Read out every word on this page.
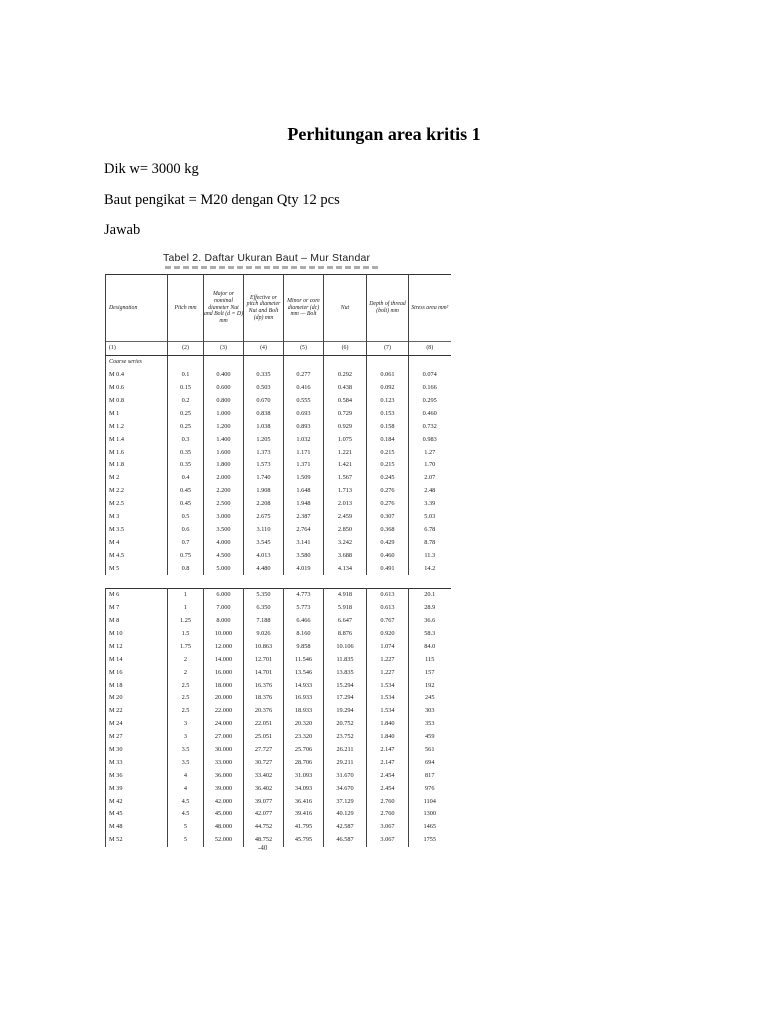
Perhitungan area kritis 1
Dik w= 3000 kg
Baut pengikat = M20 dengan Qty 12 pcs
Jawab
Tabel 2. Daftar Ukuran Baut – Mur Standar
Designation	Pitch mm	Major or nominal diameter Nut and Bolt (d = D) mm	Effective or pitch diameter Nut and Bolt (dp) mm	Minor or core diameter (dc) mm — Bolt	Nut	Depth of thread (bolt) mm	Stress area mm²
(1)	(2)	(3)	(4)	(5)	(6)	(7)	(8)
Coarse series							
M 0.4	0.1	0.400	0.335	0.277	0.292	0.061	0.074
M 0.6	0.15	0.600	0.503	0.416	0.438	0.092	0.166
M 0.8	0.2	0.800	0.670	0.555	0.584	0.123	0.295
M 1	0.25	1.000	0.838	0.693	0.729	0.153	0.460
M 1.2	0.25	1.200	1.038	0.893	0.929	0.158	0.732
M 1.4	0.3	1.400	1.205	1.032	1.075	0.184	0.983
M 1.6	0.35	1.600	1.373	1.171	1.221	0.215	1.27
M 1.8	0.35	1.800	1.573	1.371	1.421	0.215	1.70
M 2	0.4	2.000	1.740	1.509	1.567	0.245	2.07
M 2.2	0.45	2.200	1.908	1.648	1.713	0.276	2.48
M 2.5	0.45	2.500	2.208	1.948	2.013	0.276	3.39
M 3	0.5	3.000	2.675	2.387	2.459	0.307	5.03
M 3.5	0.6	3.500	3.110	2.764	2.850	0.368	6.78
M 4	0.7	4.000	3.545	3.141	3.242	0.429	8.78
M 4.5	0.75	4.500	4.013	3.580	3.688	0.460	11.3
M 5	0.8	5.000	4.480	4.019	4.134	0.491	14.2
M 6	1	6.000	5.350	4.773	4.918	0.613	20.1
M 7	1	7.000	6.350	5.773	5.918	0.613	28.9
M 8	1.25	8.000	7.188	6.466	6.647	0.767	36.6
M 10	1.5	10.000	9.026	8.160	8.876	0.920	58.3
M 12	1.75	12.000	10.863	9.858	10.106	1.074	84.0
M 14	2	14.000	12.701	11.546	11.835	1.227	115
M 16	2	16.000	14.701	13.546	13.835	1.227	157
M 18	2.5	18.000	16.376	14.933	15.294	1.534	192
M 20	2.5	20.000	18.376	16.933	17.294	1.534	245
M 22	2.5	22.000	20.376	18.933	19.294	1.534	303
M 24	3	24.000	22.051	20.320	20.752	1.840	353
M 27	3	27.000	25.051	23.320	23.752	1.840	459
M 30	3.5	30.000	27.727	25.706	26.211	2.147	561
M 33	3.5	33.000	30.727	28.706	29.211	2.147	694
M 36	4	36.000	33.402	31.093	31.670	2.454	817
M 39	4	39.000	36.402	34.093	34.670	2.454	976
M 42	4.5	42.000	39.077	36.416	37.129	2.760	1104
M 45	4.5	45.000	42.077	39.416	40.129	2.760	1300
M 48	5	48.000	44.752	41.795	42.587	3.067	1465
M 52	5	52.000	48.752	45.795	46.587	3.067	1755
-40
